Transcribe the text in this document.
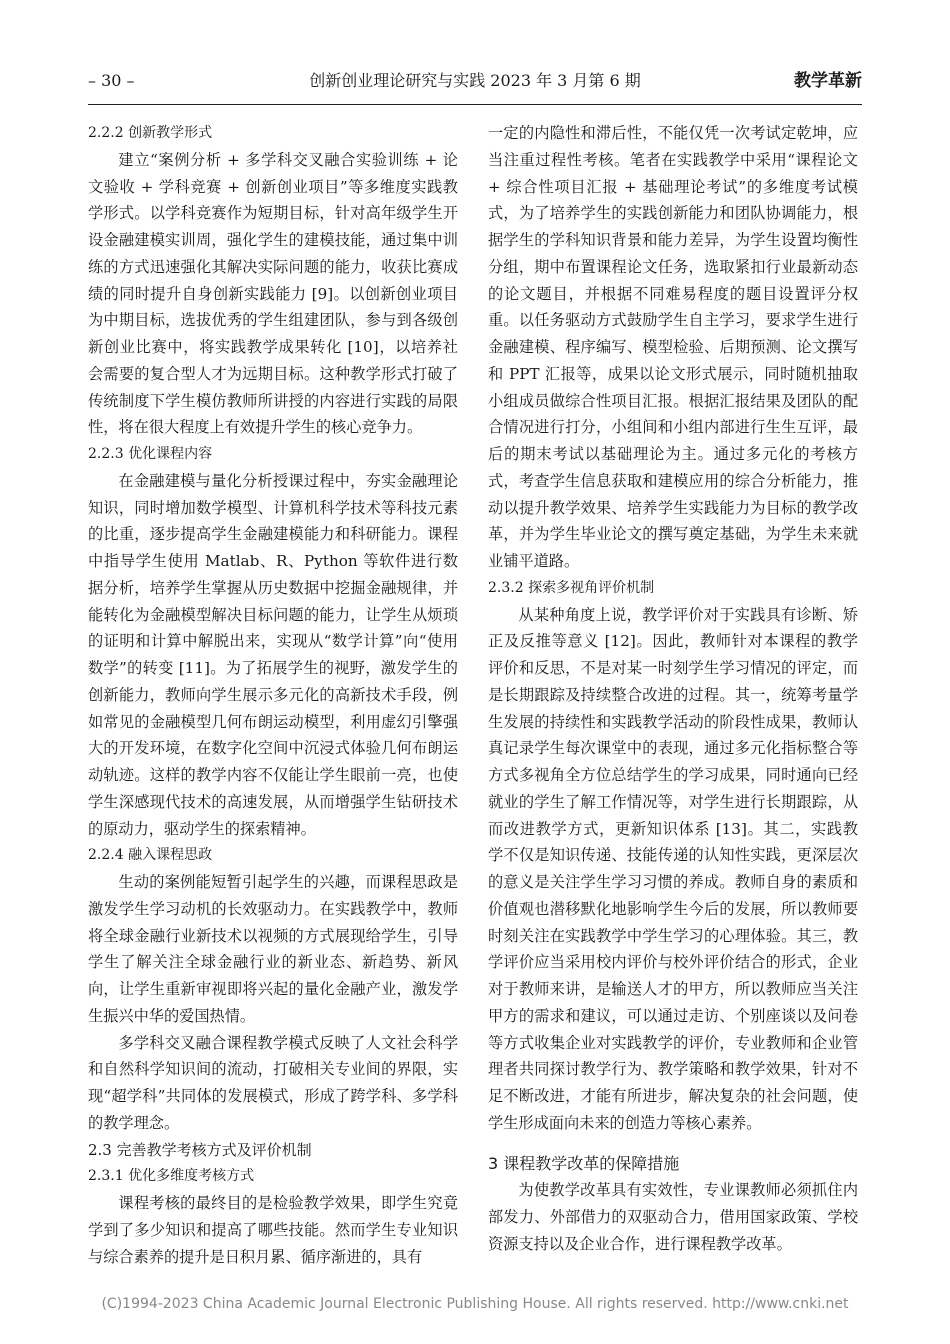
– 30 –	创新创业理论研究与实践 2023 年 3 月第 6 期	教学革新
2.2.2 创新教学形式
建立“案例分析 + 多学科交叉融合实验训练 + 论文验收 + 学科竞赛 + 创新创业项目”等多维度实践教学形式。以学科竞赛作为短期目标，针对高年级学生开设金融建模实训周，强化学生的建模技能，通过集中训练的方式迅速强化其解决实际问题的能力，收获比赛成绩的同时提升自身创新实践能力 [9]。以创新创业项目为中期目标，选拔优秀的学生组建团队，参与到各级创新创业比赛中，将实践教学成果转化 [10]，以培养社会需要的复合型人才为远期目标。这种教学形式打破了传统制度下学生模仿教师所讲授的内容进行实践的局限性，将在很大程度上有效提升学生的核心竞争力。
2.2.3 优化课程内容
在金融建模与量化分析授课过程中，夯实金融理论知识，同时增加数学模型、计算机科学技术等科技元素的比重，逐步提高学生金融建模能力和科研能力。课程中指导学生使用 Matlab、R、Python 等软件进行数据分析，培养学生掌握从历史数据中挖掘金融规律，并能转化为金融模型解决目标问题的能力，让学生从烦琐的证明和计算中解脱出来，实现从“数学计算”向“使用数学”的转变 [11]。为了拓展学生的视野，激发学生的创新能力，教师向学生展示多元化的高新技术手段，例如常见的金融模型几何布朗运动模型，利用虚幻引擎强大的开发环境，在数字化空间中沉浸式体验几何布朗运动轨迹。这样的教学内容不仅能让学生眼前一亮，也使学生深感现代技术的高速发展，从而增强学生钻研技术的原动力，驱动学生的探索精神。
2.2.4 融入课程思政
生动的案例能短暂引起学生的兴趣，而课程思政是激发学生学习动机的长效驱动力。在实践教学中，教师将全球金融行业新技术以视频的方式展现给学生，引导学生了解关注全球金融行业的新业态、新趋势、新风向，让学生重新审视即将兴起的量化金融产业，激发学生振兴中华的爱国热情。
多学科交叉融合课程教学模式反映了人文社会科学和自然科学知识间的流动，打破相关专业间的界限，实现“超学科”共同体的发展模式，形成了跨学科、多学科的教学理念。
2.3 完善教学考核方式及评价机制
2.3.1 优化多维度考核方式
课程考核的最终目的是检验教学效果，即学生究竟学到了多少知识和提高了哪些技能。然而学生专业知识与综合素养的提升是日积月累、循序渐进的，具有
一定的内隐性和滞后性，不能仅凭一次考试定乾坤，应当注重过程性考核。笔者在实践教学中采用“课程论文 + 综合性项目汇报 + 基础理论考试”的多维度考试模式，为了培养学生的实践创新能力和团队协调能力，根据学生的学科知识背景和能力差异，为学生设置均衡性分组，期中布置课程论文任务，选取紧扣行业最新动态的论文题目，并根据不同难易程度的题目设置评分权重。以任务驱动方式鼓励学生自主学习，要求学生进行金融建模、程序编写、模型检验、后期预测、论文撰写和 PPT 汇报等，成果以论文形式展示，同时随机抽取小组成员做综合性项目汇报。根据汇报结果及团队的配合情况进行打分，小组间和小组内部进行生生互评，最后的期末考试以基础理论为主。通过多元化的考核方式，考查学生信息获取和建模应用的综合分析能力，推动以提升教学效果、培养学生实践能力为目标的教学改革，并为学生毕业论文的撰写奠定基础，为学生未来就业铺平道路。
2.3.2 探索多视角评价机制
从某种角度上说，教学评价对于实践具有诊断、矫正及反推等意义 [12]。因此，教师针对本课程的教学评价和反思，不是对某一时刻学生学习情况的评定，而是长期跟踪及持续整合改进的过程。其一，统筹考量学生发展的持续性和实践教学活动的阶段性成果，教师认真记录学生每次课堂中的表现，通过多元化指标整合等方式多视角全方位总结学生的学习成果，同时通向已经就业的学生了解工作情况等，对学生进行长期跟踪，从而改进教学方式，更新知识体系 [13]。其二，实践教学不仅是知识传递、技能传递的认知性实践，更深层次的意义是关注学生学习习惯的养成。教师自身的素质和价值观也潜移默化地影响学生今后的发展，所以教师要时刻关注在实践教学中学生学习的心理体验。其三，教学评价应当采用校内评价与校外评价结合的形式，企业对于教师来讲，是输送人才的甲方，所以教师应当关注甲方的需求和建议，可以通过走访、个别座谈以及问卷等方式收集企业对实践教学的评价，专业教师和企业管理者共同探讨教学行为、教学策略和教学效果，针对不足不断改进，才能有所进步，解决复杂的社会问题，使学生形成面向未来的创造力等核心素养。
3 课程教学改革的保障措施
为使教学改革具有实效性，专业课教师必须抓住内部发力、外部借力的双驱动合力，借用国家政策、学校资源支持以及企业合作，进行课程教学改革。
(C)1994-2023 China Academic Journal Electronic Publishing House. All rights reserved. http://www.cnki.net
